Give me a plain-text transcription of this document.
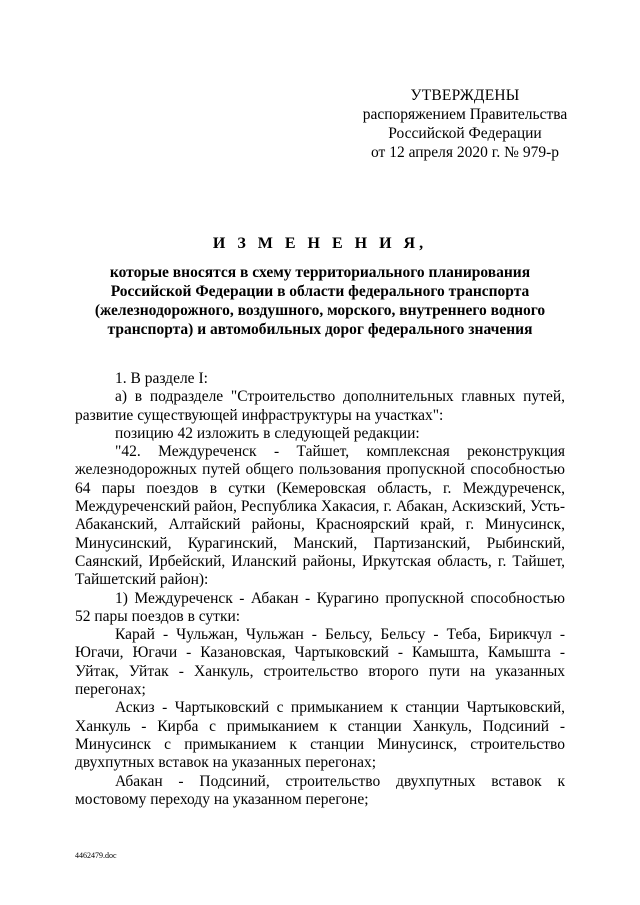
УТВЕРЖДЕНЫ
распоряжением Правительства
Российской Федерации
от 12 апреля 2020 г. № 979-р
И З М Е Н Е Н И Я,
которые вносятся в схему территориального планирования Российской Федерации в области федерального транспорта (железнодорожного, воздушного, морского, внутреннего водного транспорта) и автомобильных дорог федерального значения

1. В разделе I:

а) в подразделе "Строительство дополнительных главных путей, развитие существующей инфраструктуры на участках":

позицию 42 изложить в следующей редакции:

"42. Междуреченск - Тайшет, комплексная реконструкция железнодорожных путей общего пользования пропускной способностью 64 пары поездов в сутки (Кемеровская область, г. Междуреченск, Междуреченский район, Республика Хакасия, г. Абакан, Аскизский, Усть-Абаканский, Алтайский районы, Красноярский край, г. Минусинск, Минусинский, Курагинский, Манский, Партизанский, Рыбинский, Саянский, Ирбейский, Иланский районы, Иркутская область, г. Тайшет, Тайшетский район):

1) Междуреченск - Абакан - Курагино пропускной способностью 52 пары поездов в сутки:

Карай - Чульжан, Чульжан - Бельсу, Бельсу - Теба, Бирикчул - Югачи, Югачи - Казановская, Чартыковский - Камышта, Камышта - Уйтак, Уйтак - Ханкуль, строительство второго пути на указанных перегонах;

Аскиз - Чартыковский с примыканием к станции Чартыковский, Ханкуль - Кирба с примыканием к станции Ханкуль, Подсиний - Минусинск с примыканием к станции Минусинск, строительство двухпутных вставок на указанных перегонах;

Абакан - Подсиний, строительство двухпутных вставок к мостовому переходу на указанном перегоне;

4462479.doc
